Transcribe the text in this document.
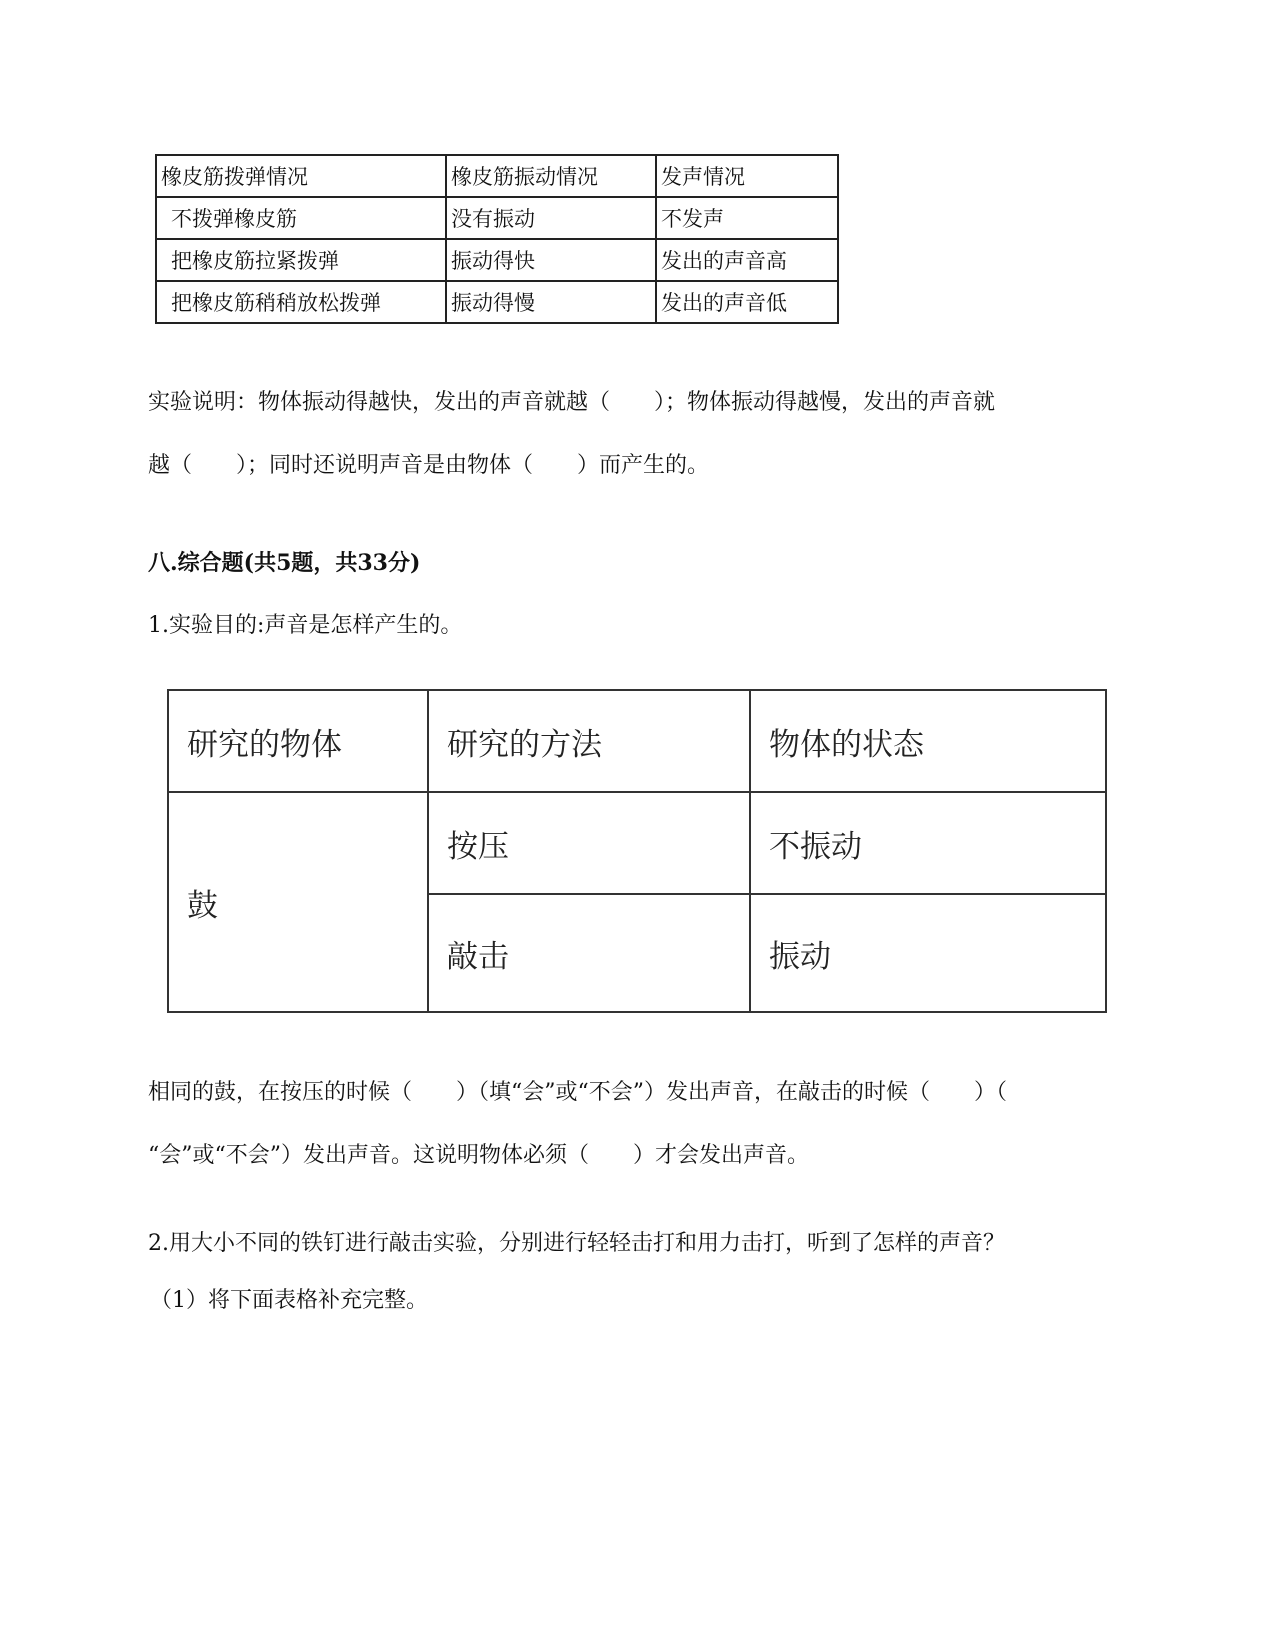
橡皮筋拨弹情况	橡皮筋振动情况	发声情况
不拨弹橡皮筋	没有振动	不发声
把橡皮筋拉紧拨弹	振动得快	发出的声音高
把橡皮筋稍稍放松拨弹	振动得慢	发出的声音低
实验说明：物体振动得越快，发出的声音就越（　　）；物体振动得越慢，发出的声音就
越（　　）；同时还说明声音是由物体（　　）而产生的。
八.综合题(共5题，共33分)
1.实验目的:声音是怎样产生的。
研究的物体	研究的方法	物体的状态
鼓	按压	不振动
	敲击	振动
相同的鼓，在按压的时候（　　）（填“会”或“不会”）发出声音，在敲击的时候（　　）（
“会”或“不会”）发出声音。这说明物体必须（　　）才会发出声音。
2.用大小不同的铁钉进行敲击实验，分别进行轻轻击打和用力击打，听到了怎样的声音？
（1）将下面表格补充完整。
